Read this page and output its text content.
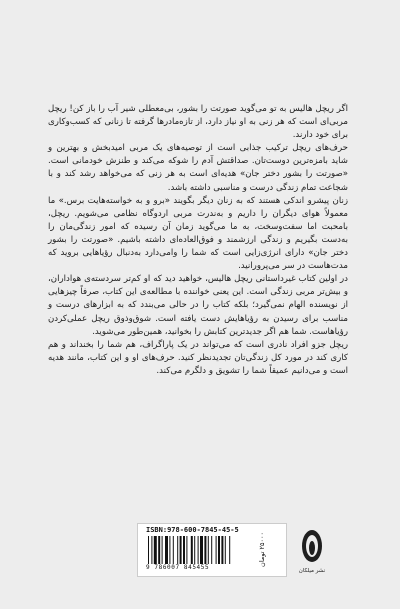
اگر ریچل هالیس به تو می‌گوید صورتت را بشور، بی‌معطلی شیر آب را باز کن! ریچل مربی‌ای است که هر زنی به او نیاز دارد، از تازه‌مادرها گرفته تا زنانی که کسب‌وکاری برای خود دارند.

حرف‌های ریچل ترکیب جذابی است از توصیه‌های یک مربی امیدبخش و بهترین و شاید بامزه‌ترین دوست‌تان. صداقتش آدم را شوکه می‌کند و طنزش خودمانی است. «صورتت را بشور دختر جان» هدیه‌ای است به هر زنی که می‌خواهد رشد کند و با شجاعت تمام زندگی درست و مناسبی داشته باشد.

زنان پیشرو اندکی هستند که به زنان دیگر بگویند «برو و به خواسته‌هایت برس.» ما معمولاً هوای دیگران را داریم و به‌ندرت مربی اردوگاه نظامی می‌شویم. ریچل، بامحبت اما سفت‌وسخت، به ما می‌گوید زمان آن رسیده که امور زندگی‌مان را به‌دست بگیریم و زندگی ارزشمند و فوق‌العاده‌ای داشته باشیم. «صورتت را بشور دختر جان» دارای انرژی‌زایی است که شما را وامی‌دارد به‌دنبال رؤیاهایی بروید که مدت‌هاست در سر می‌پرورانید.

در اولین کتاب غیرداستانی ریچل هالیس، خواهید دید که او کم‌تر سردسته‌ی هواداران، و بیش‌تر مربی زندگی است. این یعنی خواننده با مطالعه‌ی این کتاب، صرفاً چیزهایی از نویسنده الهام نمی‌گیرد؛ بلکه کتاب را در حالی می‌بندد که به ابزارهای درست و مناسب برای رسیدن به رؤیاهایش دست یافته است. شوق‌وذوق ریچل عملی‌کردن رؤیاهاست. شما هم اگر جدیدترین کتابش را بخوانید، همین‌طور می‌شوید.

ریچل جزو افراد نادری است که می‌تواند در یک پاراگراف، هم شما را بخنداند و هم کاری کند در مورد کل زندگی‌تان تجدیدنظر کنید. حرف‌های او و این کتاب، مانند هدیه است و می‌دانیم عمیقاً شما را تشویق و دلگرم می‌کند.

ISBN:978-600-7845-45-5
9 786007 845455
۲۵۰۰۰ تومان
نشر میلکان
